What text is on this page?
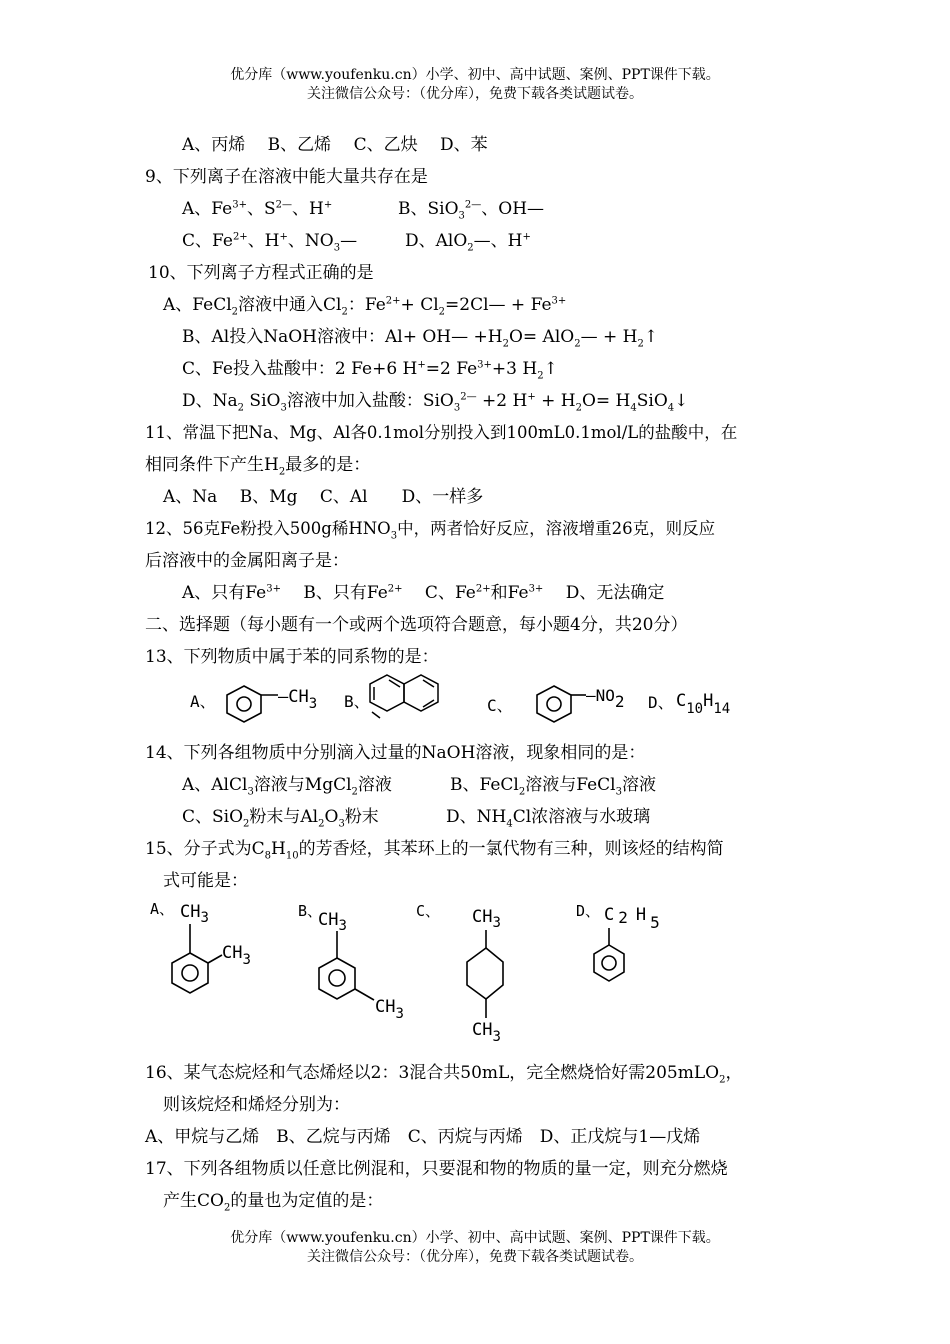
优分库（www.youfenku.cn）小学、初中、高中试题、案例、PPT课件下载。
关注微信公众号：（优分库），免费下载各类试题试卷。
A、丙烯　 B、乙烯　 C、乙炔　 D、苯
9、下列离子在溶液中能大量共存在是
A、$Fe^{3+}$、$S^{2—}$、H+	B、SiO$_3^{2—}$、OH—
C、$Fe^{2+}$、H+、$NO_3—$	D、AlO$_2$—、H+
10、下列离子方程式正确的是
A、FeCl$_2$溶液中通入$Cl_2$：$Fe^{2+}+$ $Cl_2=2Cl— + Fe^{3+}$
B、Al投入NaOH溶液中：Al+ OH— $+H_2O=$ AlO$_2$— + $H_2↑$
C、Fe投入盐酸中：2 Fe+6 H+=2 $Fe^{3+}+3$ $H_2↑$
D、$Na_2$ SiO$_3$溶液中加入盐酸：SiO$_3^{2—}$ +2 $H^+ + H_2O=$ $H_4SiO_4↓$
11、常温下把Na、Mg、Al各0.1mol分别投入到100mL0.1mol/L的盐酸中，在
相同条件下产生$H_2$最多的是：
A、Na　 B、Mg　 C、Al　　D、一样多
12、56克Fe粉投入500g稀$HNO_3$中，两者恰好反应，溶液增重26克，则反应
后溶液中的金属阳离子是：
A、只有$Fe^{3+}$　 B、只有$Fe^{2+}$　 C、$Fe^{2+}$和$Fe^{3+}$　 D、无法确定
二、选择题（每小题有一个或两个选项符合题意，每小题4分，共20分）
13、下列物质中属于苯的同系物的是：
A、	$—CH_3$ B、	C、
—NO2 D、 $C_{10}H_{14}$
A、 $CH_3$
$CH_3$
B、
$CH_3$
$CH_3$
C、 $CH_3$
$CH_3$
D、 C 2 H 5
14、下列各组物质中分别滴入过量的NaOH溶液，现象相同的是：
A、AlCl$_3$溶液与MgCl$_2$溶液	B、FeCl$_2$溶液与FeCl$_3$溶液
C、SiO$_2$粉末与$Al_2O_3$粉末	D、$NH_4Cl$浓溶液与水玻璃
15、分子式为$C_8H_{10}$的芳香烃，其苯环上的一氯代物有三种，则该烃的结构简
式可能是：
16、某气态烷烃和气态烯烃以2：3混合共50mL，完全燃烧恰好需205mLO$_2$，
则该烷烃和烯烃分别为：
A、甲烷与乙烯　B、乙烷与丙烯　C、丙烷与丙烯　D、正戊烷与1—戊烯
17、下列各组物质以任意比例混和，只要混和物的物质的量一定，则充分燃烧
产生$CO_2$的量也为定值的是：
优分库（www.youfenku.cn）小学、初中、高中试题、案例、PPT课件下载。
关注微信公众号：（优分库），免费下载各类试题试卷。
